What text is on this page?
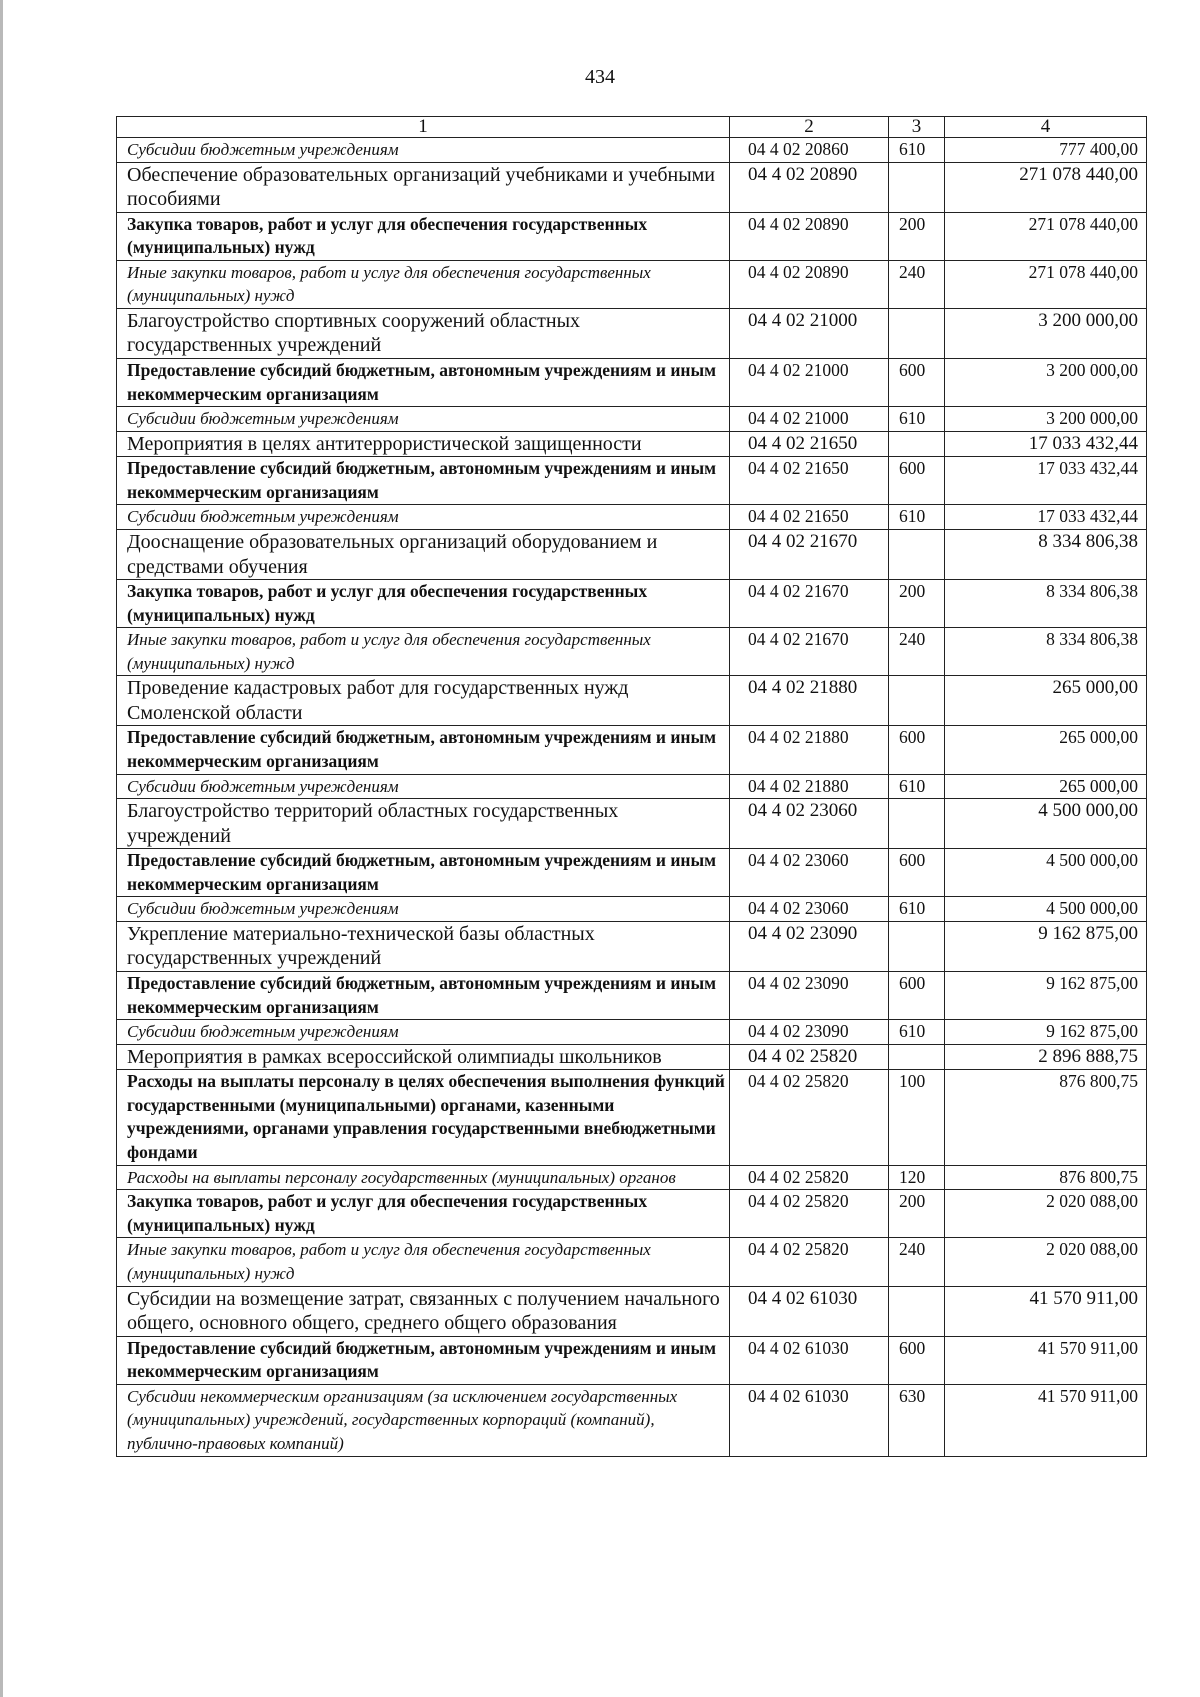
434
1	2	3	4
Субсидии бюджетным учреждениям	04 4 02 20860	610	777 400,00
Обеспечение образовательных организаций учебниками и учебными пособиями	04 4 02 20890		271 078 440,00
Закупка товаров, работ и услуг для обеспечения государственных (муниципальных) нужд	04 4 02 20890	200	271 078 440,00
Иные закупки товаров, работ и услуг для обеспечения государственных (муниципальных) нужд	04 4 02 20890	240	271 078 440,00
Благоустройство спортивных сооружений областных государственных учреждений	04 4 02 21000		3 200 000,00
Предоставление субсидий бюджетным, автономным учреждениям и иным некоммерческим организациям	04 4 02 21000	600	3 200 000,00
Субсидии бюджетным учреждениям	04 4 02 21000	610	3 200 000,00
Мероприятия в целях антитеррористической защищенности	04 4 02 21650		17 033 432,44
Предоставление субсидий бюджетным, автономным учреждениям и иным некоммерческим организациям	04 4 02 21650	600	17 033 432,44
Субсидии бюджетным учреждениям	04 4 02 21650	610	17 033 432,44
Дооснащение образовательных организаций оборудованием и средствами обучения	04 4 02 21670		8 334 806,38
Закупка товаров, работ и услуг для обеспечения государственных (муниципальных) нужд	04 4 02 21670	200	8 334 806,38
Иные закупки товаров, работ и услуг для обеспечения государственных (муниципальных) нужд	04 4 02 21670	240	8 334 806,38
Проведение кадастровых работ для государственных нужд Смоленской области	04 4 02 21880		265 000,00
Предоставление субсидий бюджетным, автономным учреждениям и иным некоммерческим организациям	04 4 02 21880	600	265 000,00
Субсидии бюджетным учреждениям	04 4 02 21880	610	265 000,00
Благоустройство территорий областных государственных учреждений	04 4 02 23060		4 500 000,00
Предоставление субсидий бюджетным, автономным учреждениям и иным некоммерческим организациям	04 4 02 23060	600	4 500 000,00
Субсидии бюджетным учреждениям	04 4 02 23060	610	4 500 000,00
Укрепление материально-технической базы областных государственных учреждений	04 4 02 23090		9 162 875,00
Предоставление субсидий бюджетным, автономным учреждениям и иным некоммерческим организациям	04 4 02 23090	600	9 162 875,00
Субсидии бюджетным учреждениям	04 4 02 23090	610	9 162 875,00
Мероприятия в рамках всероссийской олимпиады школьников	04 4 02 25820		2 896 888,75
Расходы на выплаты персоналу в целях обеспечения выполнения функций государственными (муниципальными) органами, казенными учреждениями, органами управления государственными внебюджетными фондами	04 4 02 25820	100	876 800,75
Расходы на выплаты персоналу государственных (муниципальных) органов	04 4 02 25820	120	876 800,75
Закупка товаров, работ и услуг для обеспечения государственных (муниципальных) нужд	04 4 02 25820	200	2 020 088,00
Иные закупки товаров, работ и услуг для обеспечения государственных (муниципальных) нужд	04 4 02 25820	240	2 020 088,00
Субсидии на возмещение затрат, связанных с получением начального общего, основного общего, среднего общего образования	04 4 02 61030		41 570 911,00
Предоставление субсидий бюджетным, автономным учреждениям и иным некоммерческим организациям	04 4 02 61030	600	41 570 911,00
Субсидии некоммерческим организациям (за исключением государственных (муниципальных) учреждений, государственных корпораций (компаний), публично-правовых компаний)	04 4 02 61030	630	41 570 911,00
